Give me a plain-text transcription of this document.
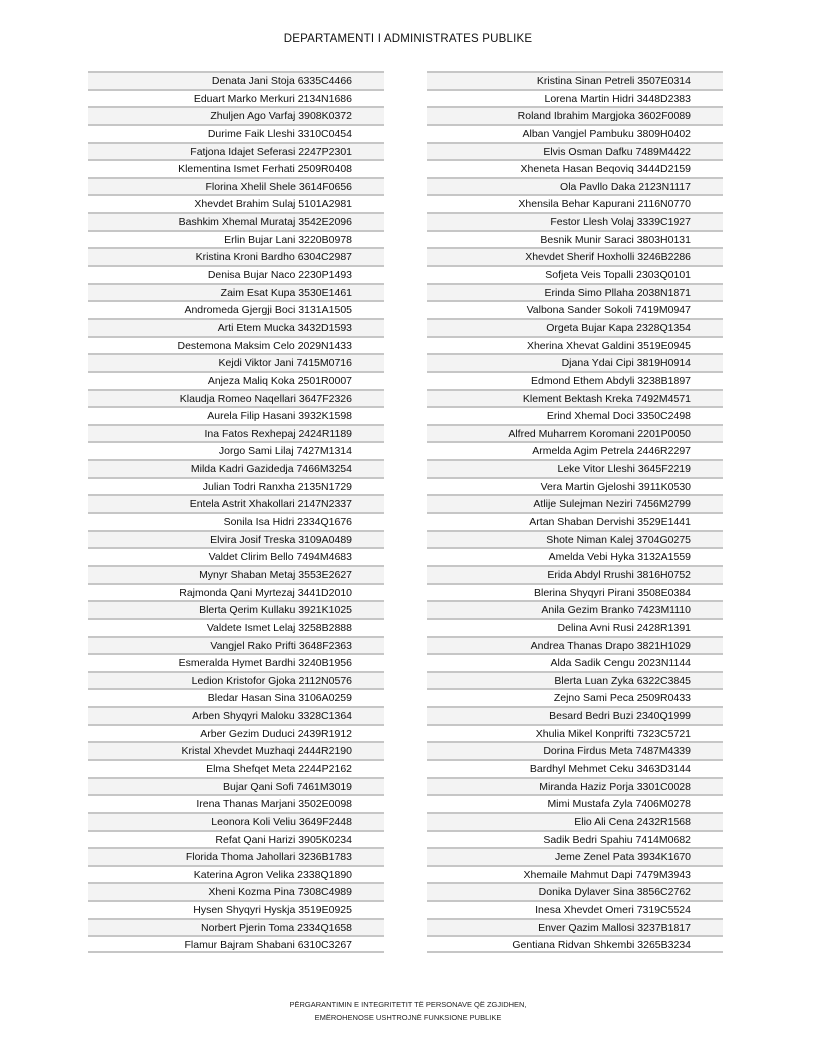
DEPARTAMENTI I ADMINISTRATES PUBLIKE
Denata Jani Stoja 6335C4466
Eduart Marko Merkuri 2134N1686
Zhuljen Ago Varfaj 3908K0372
Durime Faik Lleshi 3310C0454
Fatjona Idajet Seferasi 2247P2301
Klementina Ismet Ferhati 2509R0408
Florina Xhelil Shele 3614F0656
Xhevdet Brahim Sulaj 5101A2981
Bashkim Xhemal Murataj 3542E2096
Erlin Bujar Lani 3220B0978
Kristina Kroni Bardho 6304C2987
Denisa Bujar Naco 2230P1493
Zaim Esat Kupa 3530E1461
Andromeda Gjergji Boci 3131A1505
Arti Etem Mucka 3432D1593
Destemona Maksim Celo 2029N1433
Kejdi Viktor Jani 7415M0716
Anjeza Maliq Koka 2501R0007
Klaudja Romeo Naqellari 3647F2326
Aurela Filip Hasani 3932K1598
Ina Fatos Rexhepaj 2424R1189
Jorgo Sami Lilaj 7427M1314
Milda Kadri Gazidedja 7466M3254
Julian Todri Ranxha 2135N1729
Entela Astrit Xhakollari 2147N2337
Sonila Isa Hidri 2334Q1676
Elvira Josif Treska 3109A0489
Valdet Clirim Bello 7494M4683
Mynyr Shaban Metaj 3553E2627
Rajmonda Qani Myrtezaj 3441D2010
Blerta Qerim Kullaku 3921K1025
Valdete Ismet Lelaj 3258B2888
Vangjel Rako Prifti 3648F2363
Esmeralda Hymet Bardhi 3240B1956
Ledion Kristofor Gjoka 2112N0576
Bledar Hasan Sina 3106A0259
Arben Shyqyri Maloku 3328C1364
Arber Gezim Duduci 2439R1912
Kristal Xhevdet Muzhaqi 2444R2190
Elma Shefqet Meta 2244P2162
Bujar Qani Sofi 7461M3019
Irena Thanas Marjani 3502E0098
Leonora Koli Veliu 3649F2448
Refat Qani Harizi 3905K0234
Florida Thoma Jahollari 3236B1783
Katerina Agron Velika 2338Q1890
Xheni Kozma Pina 7308C4989
Hysen Shyqyri Hyskja 3519E0925
Norbert Pjerin Toma 2334Q1658
Flamur Bajram Shabani 6310C3267
Kristina Sinan Petreli 3507E0314
Lorena Martin Hidri 3448D2383
Roland Ibrahim Margjoka 3602F0089
Alban Vangjel Pambuku 3809H0402
Elvis Osman Dafku 7489M4422
Xheneta Hasan Beqoviq 3444D2159
Ola Pavllo Daka 2123N1117
Xhensila Behar Kapurani 2116N0770
Festor Llesh Volaj 3339C1927
Besnik Munir Saraci 3803H0131
Xhevdet Sherif Hoxholli 3246B2286
Sofjeta Veis Topalli 2303Q0101
Erinda Simo Pllaha 2038N1871
Valbona Sander Sokoli 7419M0947
Orgeta Bujar Kapa 2328Q1354
Xherina Xhevat Galdini 3519E0945
Djana Ydai Cipi 3819H0914
Edmond Ethem Abdyli 3238B1897
Klement Bektash Kreka 7492M4571
Erind Xhemal Doci 3350C2498
Alfred Muharrem Koromani 2201P0050
Armelda Agim Petrela 2446R2297
Leke Vitor Lleshi 3645F2219
Vera Martin Gjeloshi 3911K0530
Atlije Sulejman Neziri 7456M2799
Artan Shaban Dervishi 3529E1441
Shote Niman Kalej 3704G0275
Amelda Vebi Hyka 3132A1559
Erida Abdyl Rrushi 3816H0752
Blerina Shyqyri Pirani 3508E0384
Anila Gezim Branko 7423M1110
Delina Avni Rusi 2428R1391
Andrea Thanas Drapo 3821H1029
Alda Sadik Cengu 2023N1144
Blerta Luan Zyka 6322C3845
Zejno Sami Peca 2509R0433
Besard Bedri Buzi 2340Q1999
Xhulia Mikel Konprifti 7323C5721
Dorina Firdus Meta 7487M4339
Bardhyl Mehmet Ceku 3463D3144
Miranda Haziz Porja 3301C0028
Mimi Mustafa Zyla 7406M0278
Elio Ali Cena 2432R1568
Sadik Bedri Spahiu 7414M0682
Jeme Zenel Pata 3934K1670
Xhemaile Mahmut Dapi 7479M3943
Donika Dylaver Sina 3856C2762
Inesa Xhevdet Omeri 7319C5524
Enver Qazim Mallosi 3237B1817
Gentiana Ridvan Shkembi 3265B3234
PËRGARANTIMIN E INTEGRITETIT TË PERSONAVE QË ZGJIDHEN,
EMËROHENOSE USHTROJNË FUNKSIONE PUBLIKE
